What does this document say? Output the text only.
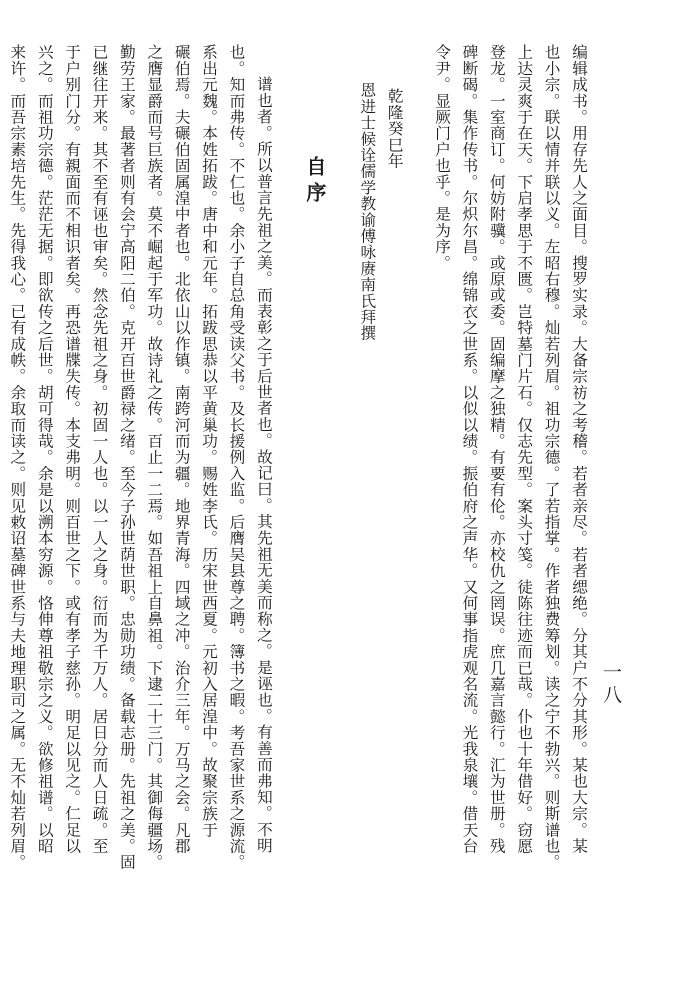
一八
编辑成书。用存先人之面目。搜罗实录。大备宗祊之考稽。若者亲尽。若者缌绝。分其户不分其形。某也大宗。某
也小宗。联以情并联以义。左昭右穆。灿若列眉。祖功宗德。了若指掌。作者独费筹划。读之宁不勃兴。则斯谱也。
上达灵爽于在天。下启孝思于不匮。岂特墓门片石。仅志先型。案头寸笺。徒陈往迹而已哉。仆也十年借好。窃愿
登龙。一室商订。何妨附骥。或原或委。固编摩之独精。有要有伦。亦校仇之罔误。庶几嘉言懿行。汇为世册。残
碑断碣。集作传书。尔炽尔昌。绵锦衣之世系。以似以绩。振伯府之声华。又何事指虎观名流。光我泉壤。借天台
令尹。显厥门户也乎。是为序。
乾隆癸巳年
恩进士候诠儒学教谕傅咏赓南氏拜撰
自序
谱也者。所以普言先祖之美。而表彰之于后世者也。故记曰。其先祖无美而称之。是诬也。有善而弗知。不明
也。知而弗传。不仁也。余小子自总角受读父书。及长援例入监。后膺吴县尊之聘。簿书之暇。考吾家世系之源流。
系出元魏。本姓拓跋。唐中和元年。拓跋思恭以平黄巢功。赐姓李氏。历宋世西夏。元初入居湟中。故聚宗族于
碾伯焉。夫碾伯固属湟中者也。北依山以作镇。南跨河而为疆。地界青海。四域之冲。治介三年。万马之会。凡郡
之膺显爵而号巨族者。莫不崛起于军功。故诗礼之传。百止一二焉。如吾祖上自鼻祖。下逮二十三门。其御侮疆场。
勤劳王家。最著者则有会宁高阳二伯。克开百世爵禄之绪。至今子孙世荫世职。忠勋功绩。备载志册。先祖之美。固
已继往开来。其不至有诬也审矣。然念先祖之身。初固一人也。以一人之身。衍而为千万人。居日分而人日疏。至
于户别门分。有親面而不相识者矣。再恐谱牒失传。本支弗明。则百世之下。或有孝子慈孙。明足以见之。仁足以
兴之。而祖功宗德。茫茫无据。即欲传之后世。胡可得哉。余是以溯本穷源。恪伸尊祖敬宗之义。欲修祖谱。以昭
来许。而吾宗素培先生。先得我心。已有成帙。余取而读之。则见敕诏墓碑世系与夫地理职司之属。无不灿若列眉。
